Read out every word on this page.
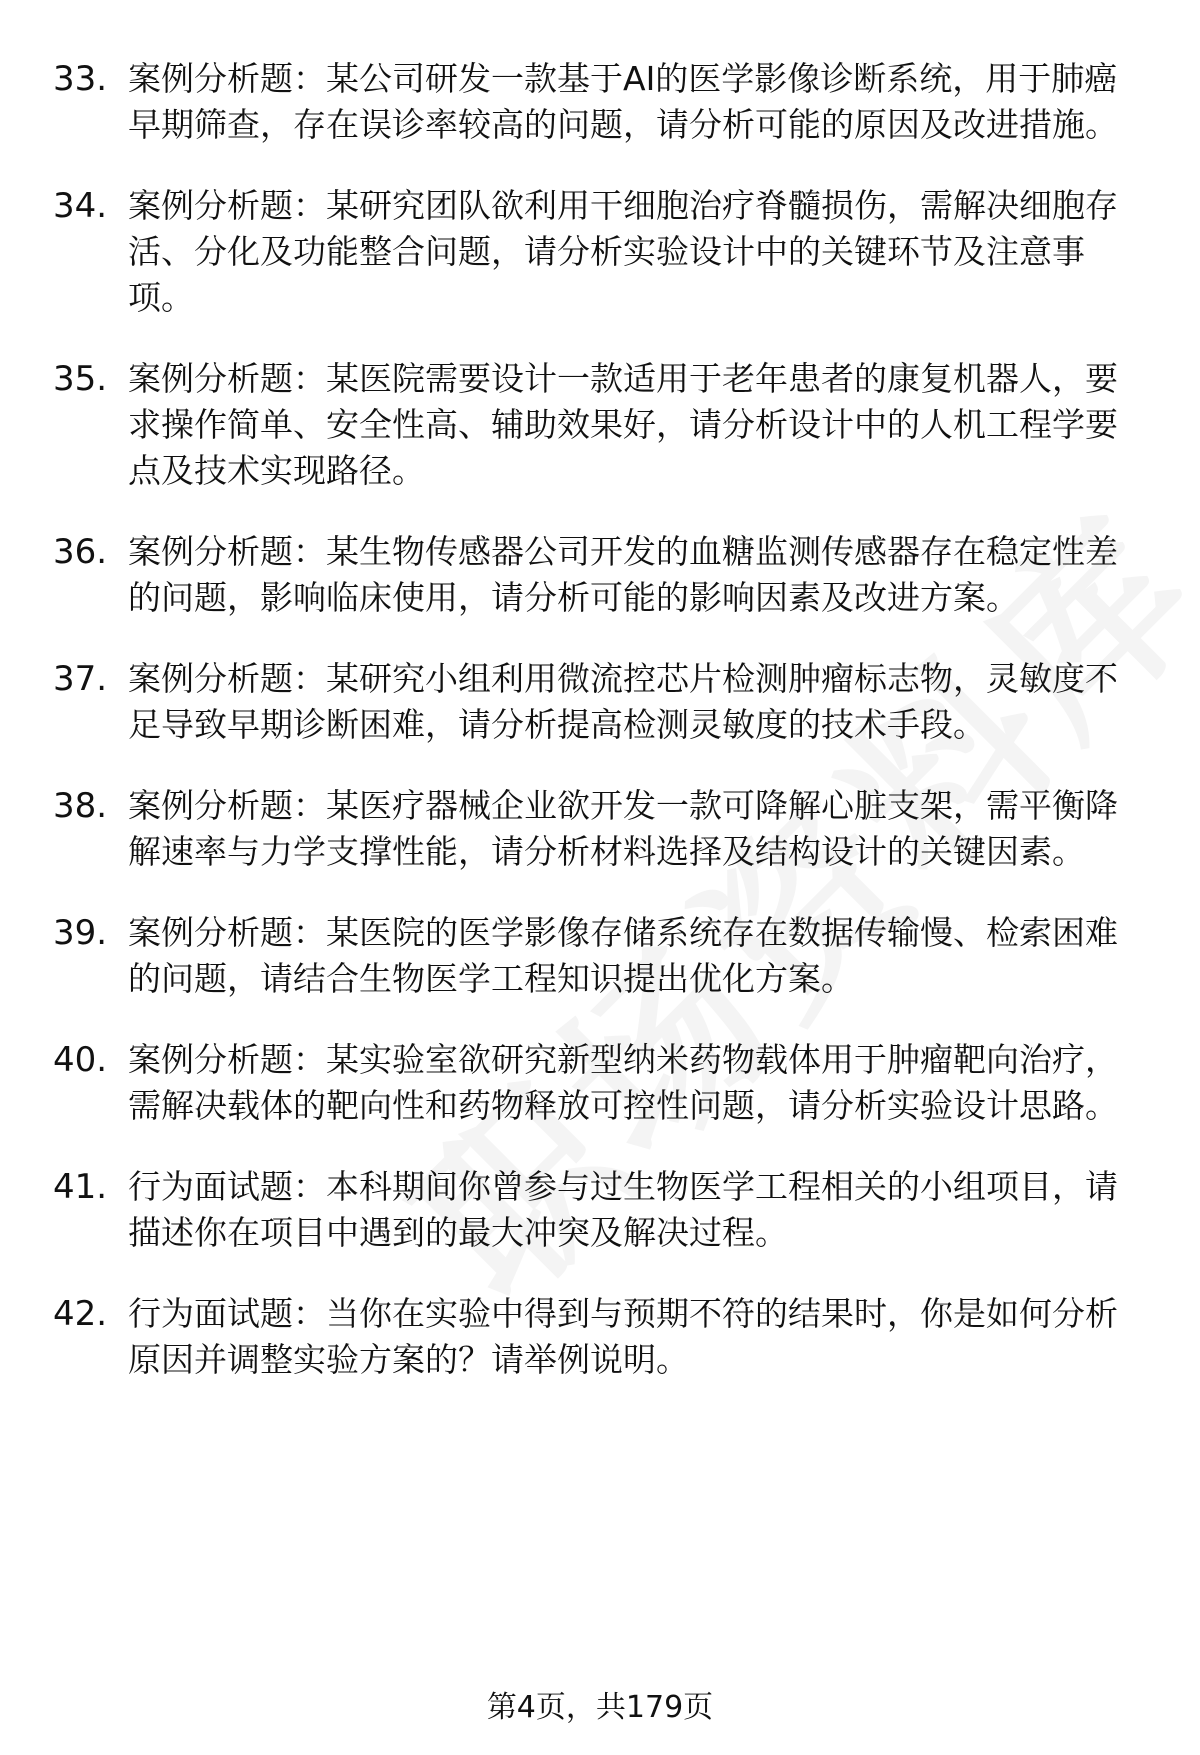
33. 案例分析题：某公司研发一款基于AI的医学影像诊断系统，用于肺癌早期筛查，存在误诊率较高的问题，请分析可能的原因及改进措施。
34. 案例分析题：某研究团队欲利用干细胞治疗脊髓损伤，需解决细胞存活、分化及功能整合问题，请分析实验设计中的关键环节及注意事项。
35. 案例分析题：某医院需要设计一款适用于老年患者的康复机器人，要求操作简单、安全性高、辅助效果好，请分析设计中的人机工程学要点及技术实现路径。
36. 案例分析题：某生物传感器公司开发的血糖监测传感器存在稳定性差的问题，影响临床使用，请分析可能的影响因素及改进方案。
37. 案例分析题：某研究小组利用微流控芯片检测肿瘤标志物，灵敏度不足导致早期诊断困难，请分析提高检测灵敏度的技术手段。
38. 案例分析题：某医疗器械企业欲开发一款可降解心脏支架，需平衡降解速率与力学支撑性能，请分析材料选择及结构设计的关键因素。
39. 案例分析题：某医院的医学影像存储系统存在数据传输慢、检索困难的问题，请结合生物医学工程知识提出优化方案。
40. 案例分析题：某实验室欲研究新型纳米药物载体用于肿瘤靶向治疗，需解决载体的靶向性和药物释放可控性问题，请分析实验设计思路。
41. 行为面试题：本科期间你曾参与过生物医学工程相关的小组项目，请描述你在项目中遇到的最大冲突及解决过程。
42. 行为面试题：当你在实验中得到与预期不符的结果时，你是如何分析原因并调整实验方案的？请举例说明。
第4页，共179页
